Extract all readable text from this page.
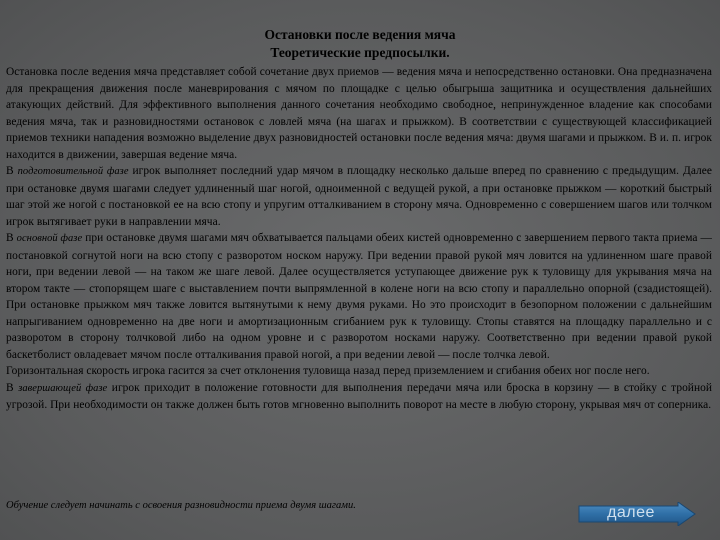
Остановки после ведения мяча
Теоретические предпосылки.

Остановка после ведения мяча представляет собой сочетание двух приемов — ведения мяча и непосредственно остановки. Она предназначена для прекращения движения после маневрирования с мячом по площадке с целью обыгрыша защитника и осуществления дальнейших атакующих действий. Для эффективного выполнения данного сочетания необходимо свободное, непринужденное владение как способами ведения мяча, так и разновидностями остановок с ловлей мяча (на шагах и прыжком). В соответствии с существующей классификацией приемов техники нападения возможно выделение двух разновидностей остановки после ведения мяча: двумя шагами и прыжком. В и. п. игрок находится в движении, завершая ведение мяча.

В подготовительной фазе игрок выполняет последний удар мячом в площадку несколько дальше вперед по сравнению с предыдущим. Далее при остановке двумя шагами следует удлиненный шаг ногой, одноименной с ведущей рукой, а при остановке прыжком — короткий быстрый шаг этой же ногой с постановкой ее на всю стопу и упругим отталкиванием в сторону мяча. Одновременно с совершением шагов или толчком игрок вытягивает руки в направлении мяча.

В основной фазе при остановке двумя шагами мяч обхватывается пальцами обеих кистей одновременно с завершением первого такта приема — постановкой согнутой ноги на всю стопу с разворотом носком наружу. При ведении правой рукой мяч ловится на удлиненном шаге правой ноги, при ведении левой — на таком же шаге левой. Далее осуществляется уступающее движение рук к туловищу для укрывания мяча на втором такте — стопорящем шаге с выставлением почти выпрямленной в колене ноги на всю стопу и параллельно опорной (сзадистоящей). При остановке прыжком мяч также ловится вытянутыми к нему двумя руками. Но это происходит в безопорном положении с дальнейшим напрыгиванием одновременно на две ноги и амортизационным сгибанием рук к туловищу. Стопы ставятся на площадку параллельно и с разворотом в сторону толчковой либо на одном уровне и с разворотом носками наружу. Соответственно при ведении правой рукой баскетболист овладевает мячом после отталкивания правой ногой, а при ведении левой — после толчка левой.

Горизонтальная скорость игрока гасится за счет отклонения туловища назад перед приземлением и сгибания обеих ног после него.

В завершающей фазе игрок приходит в положение готовности для выполнения передачи мяча или броска в корзину — в стойку с тройной угрозой. При необходимости он также должен быть готов мгновенно выполнить поворот на месте в любую сторону, укрывая мяч от соперника.

Обучение следует начинать с освоения разновидности приема двумя шагами.	далее
